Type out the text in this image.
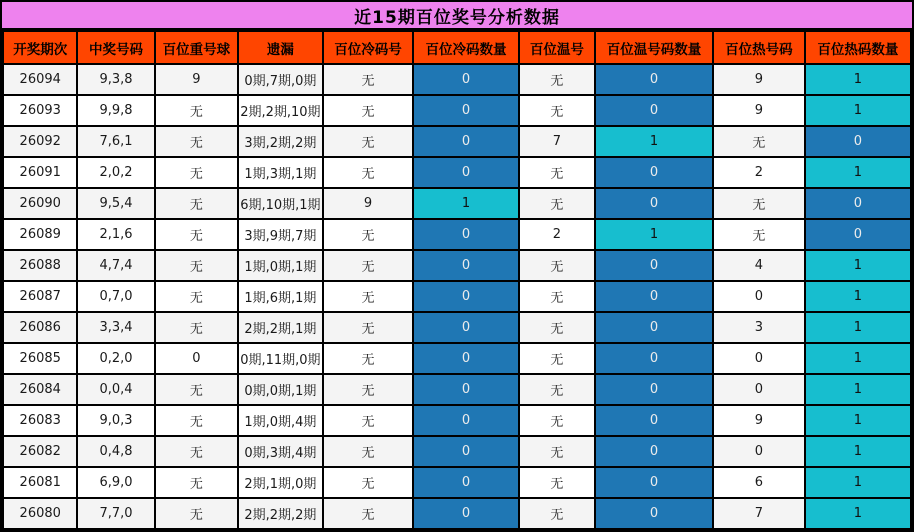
近15期百位奖号分析数据
开奖期次	中奖号码	百位重号球	遗漏	百位冷码号	百位冷码数量	百位温号	百位温号码数量	百位热号码	百位热码数量
26094	9,3,8	9	0期,7期,0期	无	0	无	0	9	1
26093	9,9,8	无	2期,2期,10期	无	0	无	0	9	1
26092	7,6,1	无	3期,2期,2期	无	0	7	1	无	0
26091	2,0,2	无	1期,3期,1期	无	0	无	0	2	1
26090	9,5,4	无	6期,10期,1期	9	1	无	0	无	0
26089	2,1,6	无	3期,9期,7期	无	0	2	1	无	0
26088	4,7,4	无	1期,0期,1期	无	0	无	0	4	1
26087	0,7,0	无	1期,6期,1期	无	0	无	0	0	1
26086	3,3,4	无	2期,2期,1期	无	0	无	0	3	1
26085	0,2,0	0	0期,11期,0期	无	0	无	0	0	1
26084	0,0,4	无	0期,0期,1期	无	0	无	0	0	1
26083	9,0,3	无	1期,0期,4期	无	0	无	0	9	1
26082	0,4,8	无	0期,3期,4期	无	0	无	0	0	1
26081	6,9,0	无	2期,1期,0期	无	0	无	0	6	1
26080	7,7,0	无	2期,2期,2期	无	0	无	0	7	1
